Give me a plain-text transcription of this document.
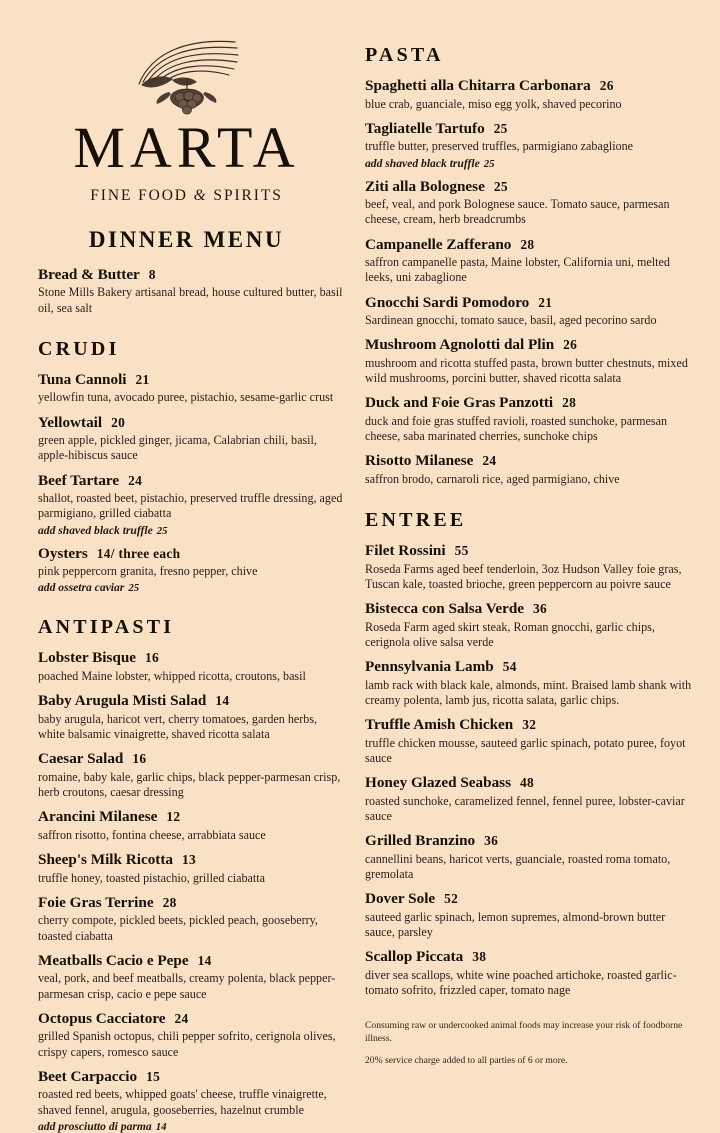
MARTA
FINE FOOD & SPIRITS
DINNER MENU
Bread & Butter 8
Stone Mills Bakery artisanal bread, house cultured butter, basil oil, sea salt
CRUDI
Tuna Cannoli 21
yellowfin tuna, avocado puree, pistachio, sesame-garlic crust
Yellowtail 20
green apple, pickled ginger, jicama, Calabrian chili, basil, apple-hibiscus sauce
Beef Tartare 24
shallot, roasted beet, pistachio, preserved truffle dressing, aged parmigiano, grilled ciabatta
add shaved black truffle 25
Oysters 14/ three each
pink peppercorn granita, fresno pepper, chive
add ossetra caviar 25
ANTIPASTI
Lobster Bisque 16
poached Maine lobster, whipped ricotta, croutons, basil
Baby Arugula Misti Salad 14
baby arugula, haricot vert, cherry tomatoes, garden herbs, white balsamic vinaigrette, shaved ricotta salata
Caesar Salad 16
romaine, baby kale, garlic chips, black pepper-parmesan crisp, herb croutons, caesar dressing
Arancini Milanese 12
saffron risotto, fontina cheese, arrabbiata sauce
Sheep's Milk Ricotta 13
truffle honey, toasted pistachio, grilled ciabatta
Foie Gras Terrine 28
cherry compote, pickled beets, pickled peach, gooseberry, toasted ciabatta
Meatballs Cacio e Pepe 14
veal, pork, and beef meatballs, creamy polenta, black pepper-parmesan crisp, cacio e pepe sauce
Octopus Cacciatore 24
grilled Spanish octopus, chili pepper sofrito, cerignola olives, crispy capers, romesco sauce
Beet Carpaccio 15
roasted red beets, whipped goats' cheese, truffle vinaigrette, shaved fennel, arugula, gooseberries, hazelnut crumble
add prosciutto di parma 14
PASTA
Spaghetti alla Chitarra Carbonara 26
blue crab, guanciale, miso egg yolk, shaved pecorino
Tagliatelle Tartufo 25
truffle butter, preserved truffles, parmigiano zabaglione
add shaved black truffle 25
Ziti alla Bolognese 25
beef, veal, and pork Bolognese sauce. Tomato sauce, parmesan cheese, cream, herb breadcrumbs
Campanelle Zafferano 28
saffron campanelle pasta, Maine lobster, California uni, melted leeks, uni zabaglione
Gnocchi Sardi Pomodoro 21
Sardinean gnocchi, tomato sauce, basil, aged pecorino sardo
Mushroom Agnolotti dal Plin 26
mushroom and ricotta stuffed pasta, brown butter chestnuts, mixed wild mushrooms, porcini butter, shaved ricotta salata
Duck and Foie Gras Panzotti 28
duck and foie gras stuffed ravioli, roasted sunchoke, parmesan cheese, saba marinated cherries, sunchoke chips
Risotto Milanese 24
saffron brodo, carnaroli rice, aged parmigiano, chive
ENTREE
Filet Rossini 55
Roseda Farms aged beef tenderloin, 3oz Hudson Valley foie gras, Tuscan kale, toasted brioche, green peppercorn au poivre sauce
Bistecca con Salsa Verde 36
Roseda Farm aged skirt steak, Roman gnocchi, garlic chips, cerignola olive salsa verde
Pennsylvania Lamb 54
lamb rack with black kale, almonds, mint. Braised lamb shank with creamy polenta, lamb jus, ricotta salata, garlic chips.
Truffle Amish Chicken 32
truffle chicken mousse, sauteed garlic spinach, potato puree, foyot sauce
Honey Glazed Seabass 48
roasted sunchoke, caramelized fennel, fennel puree, lobster-caviar sauce
Grilled Branzino 36
cannellini beans, haricot verts, guanciale, roasted roma tomato, gremolata
Dover Sole 52
sauteed garlic spinach, lemon supremes, almond-brown butter sauce, parsley
Scallop Piccata 38
diver sea scallops, white wine poached artichoke, roasted garlic-tomato sofrito, frizzled caper, tomato nage
Consuming raw or undercooked animal foods may increase your risk of foodborne illness.
20% service charge added to all parties of 6 or more.
